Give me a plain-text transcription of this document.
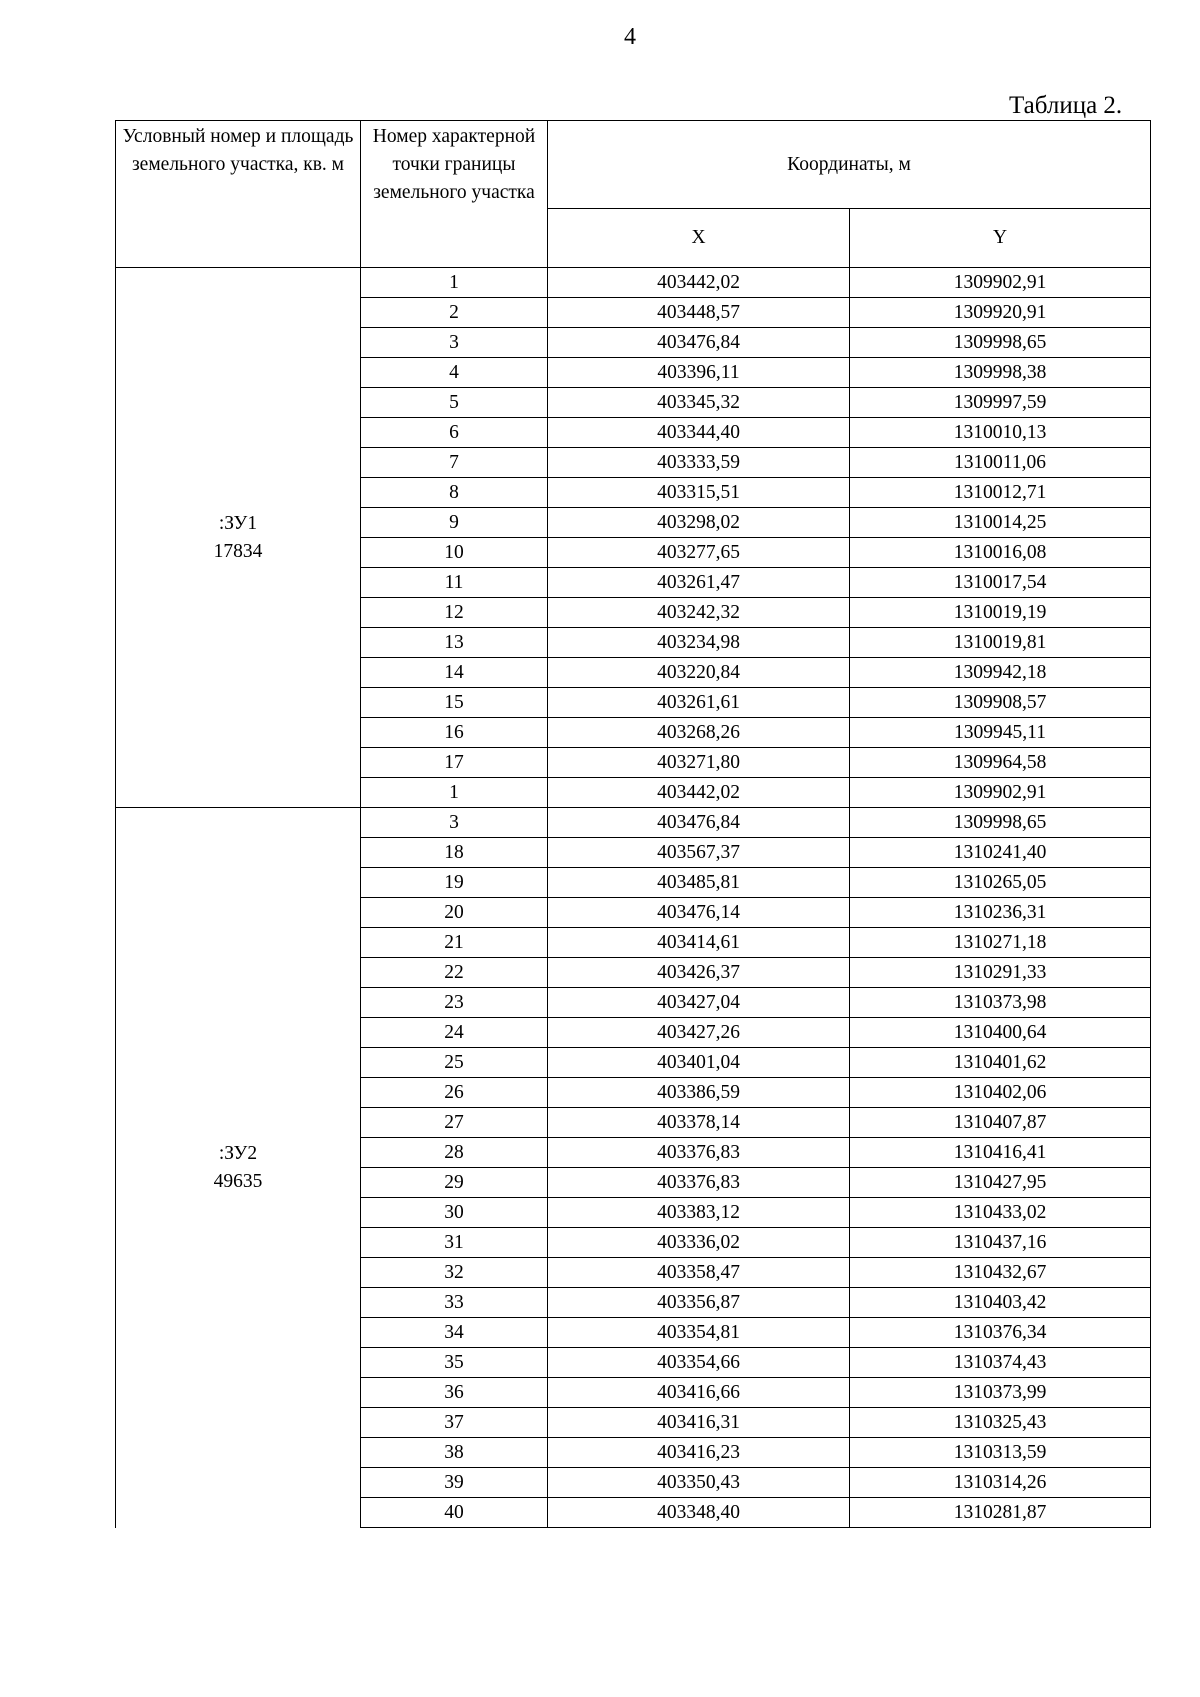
4
Таблица 2.
Условный номер и площадь земельного участка, кв. м	Номер характерной точки границы земельного участка	Координаты, м	
		X	Y

:ЗУ1
17834	1	403442,02	1309902,91
	2	403448,57	1309920,91
	3	403476,84	1309998,65
	4	403396,11	1309998,38
	5	403345,32	1309997,59
	6	403344,40	1310010,13
	7	403333,59	1310011,06
	8	403315,51	1310012,71
	9	403298,02	1310014,25
	10	403277,65	1310016,08
	11	403261,47	1310017,54
	12	403242,32	1310019,19
	13	403234,98	1310019,81
	14	403220,84	1309942,18
	15	403261,61	1309908,57
	16	403268,26	1309945,11
	17	403271,80	1309964,58
	1	403442,02	1309902,91

:ЗУ2
49635	3	403476,84	1309998,65
	18	403567,37	1310241,40
	19	403485,81	1310265,05
	20	403476,14	1310236,31
	21	403414,61	1310271,18
	22	403426,37	1310291,33
	23	403427,04	1310373,98
	24	403427,26	1310400,64
	25	403401,04	1310401,62
	26	403386,59	1310402,06
	27	403378,14	1310407,87
	28	403376,83	1310416,41
	29	403376,83	1310427,95
	30	403383,12	1310433,02
	31	403336,02	1310437,16
	32	403358,47	1310432,67
	33	403356,87	1310403,42
	34	403354,81	1310376,34
	35	403354,66	1310374,43
	36	403416,66	1310373,99
	37	403416,31	1310325,43
	38	403416,23	1310313,59
	39	403350,43	1310314,26
	40	403348,40	1310281,87
